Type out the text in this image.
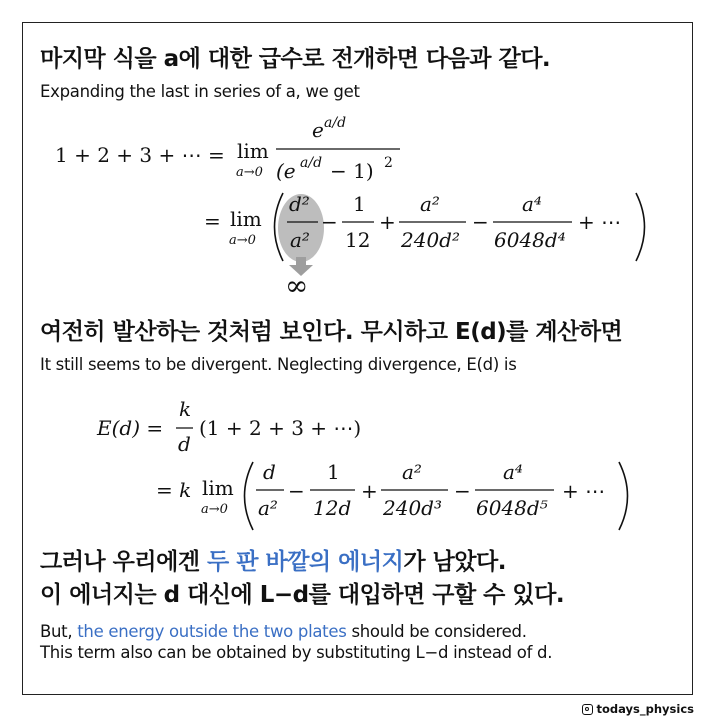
마지막 식을 a에 대한 급수로 전개하면 다음과 같다.
Expanding the last in series of a, we get
1 + 2 + 3 + ⋯ = lim
a→0
e a/d
(e a/d − 1) 2
= lim
a→0
d²
a²
−
1
12
+
a²
240d²
−
a⁴
6048d⁴
+ ⋯
∞
여전히 발산하는 것처럼 보인다. 무시하고 E(d)를 계산하면
It still seems to be divergent. Neglecting divergence, E(d) is
E(d) =
k
d
(1 + 2 + 3 + ⋯)
= k lim
a→0
d
a²
−
1
12d
+
a²
240d³
−
a⁴
6048d⁵
+ ⋯
그러나 우리에겐 두 판 바깥의 에너지가 남았다.
이 에너지는 d 대신에 L−d를 대입하면 구할 수 있다.
But, the energy outside the two plates should be considered.
This term also can be obtained by substituting L−d instead of d.
todays_physics
